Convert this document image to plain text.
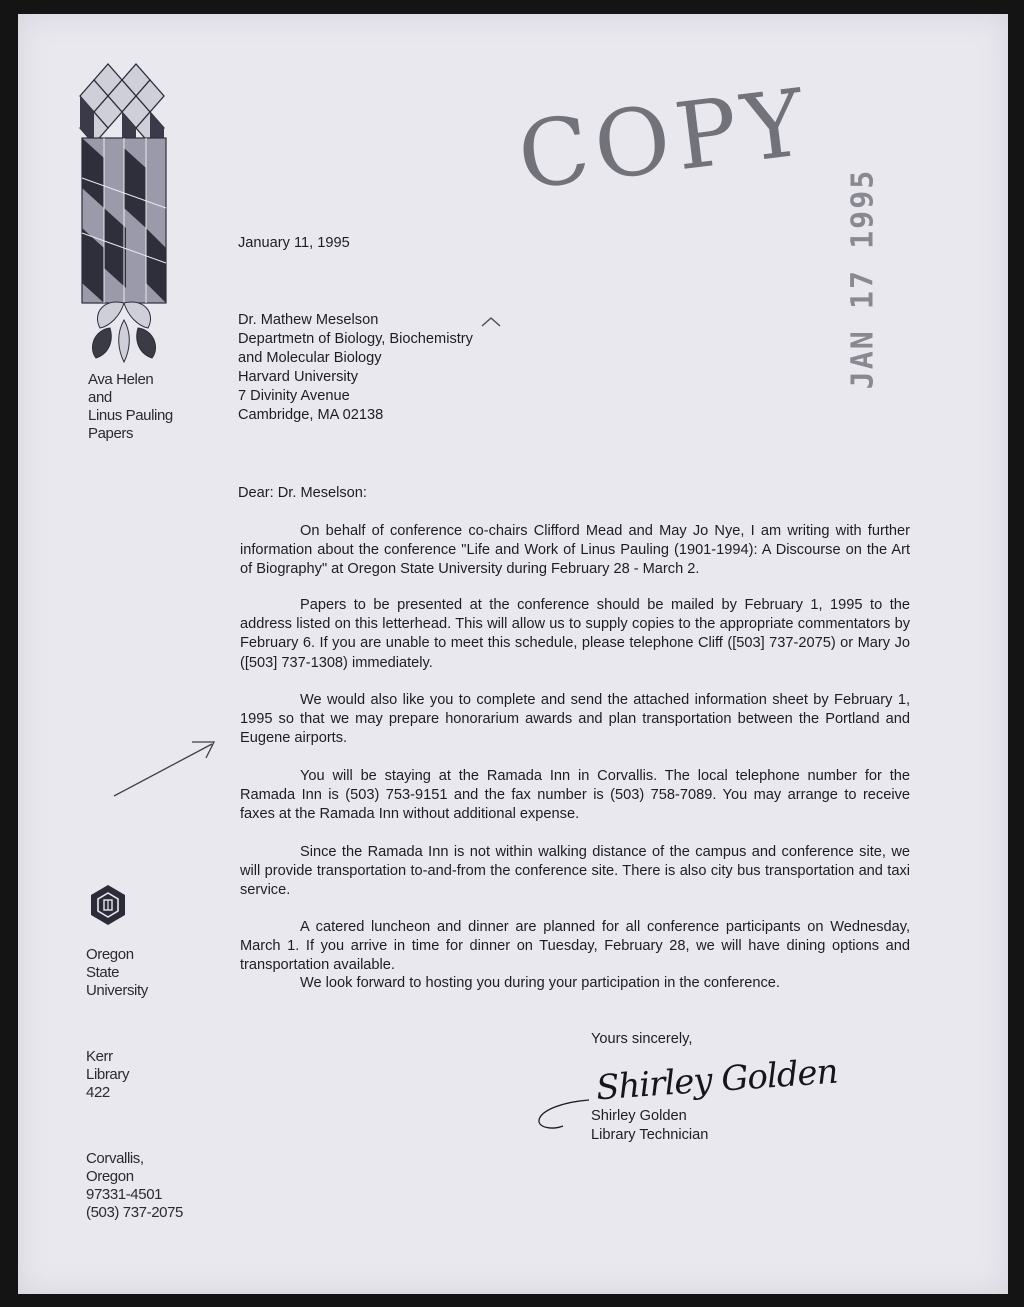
Ava Helen
and
Linus Pauling
Papers
Oregon
State
University
Kerr
Library
422
Corvallis,
Oregon
97331-4501
(503) 737-2075
COPY
JAN 17 1995
January 11, 1995
Dr. Mathew Meselson
Departmetn of Biology, Biochemistry
and Molecular Biology
Harvard University
7 Divinity Avenue
Cambridge, MA 02138
Dear: Dr. Meselson:

On behalf of conference co-chairs Clifford Mead and May Jo Nye, I am writing with further information about the conference "Life and Work of Linus Pauling (1901-1994): A Discourse on the Art of Biography" at Oregon State University during February 28 - March 2.

Papers to be presented at the conference should be mailed by February 1, 1995 to the address listed on this letterhead. This will allow us to supply copies to the appropriate commentators by February 6. If you are unable to meet this schedule, please telephone Cliff ([503] 737-2075) or Mary Jo ([503] 737-1308) immediately.

We would also like you to complete and send the attached information sheet by February 1, 1995 so that we may prepare honorarium awards and plan transportation between the Portland and Eugene airports.

You will be staying at the Ramada Inn in Corvallis. The local telephone number for the Ramada Inn is (503) 753-9151 and the fax number is (503) 758-7089. You may arrange to receive faxes at the Ramada Inn without additional expense.

Since the Ramada Inn is not within walking distance of the campus and conference site, we will provide transportation to-and-from the conference site. There is also city bus transportation and taxi service.

A catered luncheon and dinner are planned for all conference participants on Wednesday, March 1. If you arrive in time for dinner on Tuesday, February 28, we will have dining options and transportation available.

We look forward to hosting you during your participation in the conference.

Yours sincerely,
Shirley Golden
Shirley Golden
Library Technician
